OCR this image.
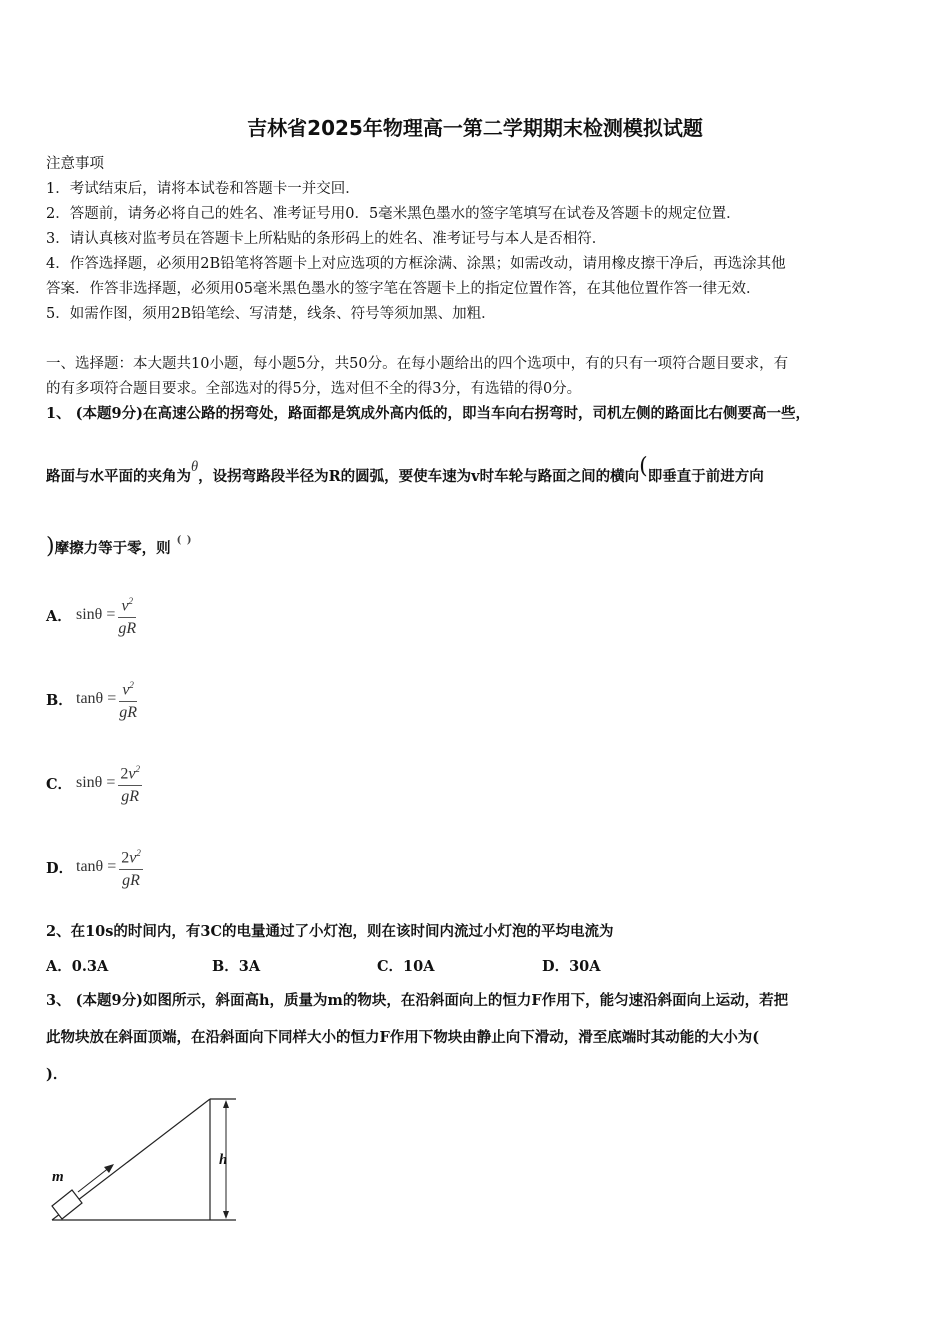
吉林省2025年物理高一第二学期期末检测模拟试题
注意事项
1．考试结束后，请将本试卷和答题卡一并交回．
2．答题前，请务必将自己的姓名、准考证号用0．5毫米黑色墨水的签字笔填写在试卷及答题卡的规定位置．
3．请认真核对监考员在答题卡上所粘贴的条形码上的姓名、准考证号与本人是否相符．
4．作答选择题，必须用2B铅笔将答题卡上对应选项的方框涂满、涂黑；如需改动，请用橡皮擦干净后，再选涂其他
答案．作答非选择题，必须用05毫米黑色墨水的签字笔在答题卡上的指定位置作答，在其他位置作答一律无效．
5．如需作图，须用2B铅笔绘、写清楚，线条、符号等须加黑、加粗．
一、选择题：本大题共10小题，每小题5分，共50分。在每小题给出的四个选项中，有的只有一项符合题目要求，有
的有多项符合题目要求。全部选对的得5分，选对但不全的得3分，有选错的得0分。
1、 (本题9分)在高速公路的拐弯处，路面都是筑成外高内低的，即当车向右拐弯时，司机左侧的路面比右侧要高一些，
路面与水平面的夹角为θ，设拐弯路段半径为R的圆弧，要使车速为v时车轮与路面之间的横向(即垂直于前进方向
)摩擦力等于零，则 ( )
A． $\sin\theta = \frac{v^2}{gR}$
B． $\tan\theta = \frac{v^2}{gR}$
C． $\sin\theta = \frac{2v^2}{gR}$
D． $\tan\theta = \frac{2v^2}{gR}$
2、在10s的时间内，有3C的电量通过了小灯泡，则在该时间内流过小灯泡的平均电流为
A．0.3A	B．3A	C．10A	D．30A
3、 (本题9分)如图所示，斜面高h，质量为m的物块，在沿斜面向上的恒力F作用下，能匀速沿斜面向上运动，若把
此物块放在斜面顶端，在沿斜面向下同样大小的恒力F作用下物块由静止向下滑动，滑至底端时其动能的大小为(
)．
h
m
